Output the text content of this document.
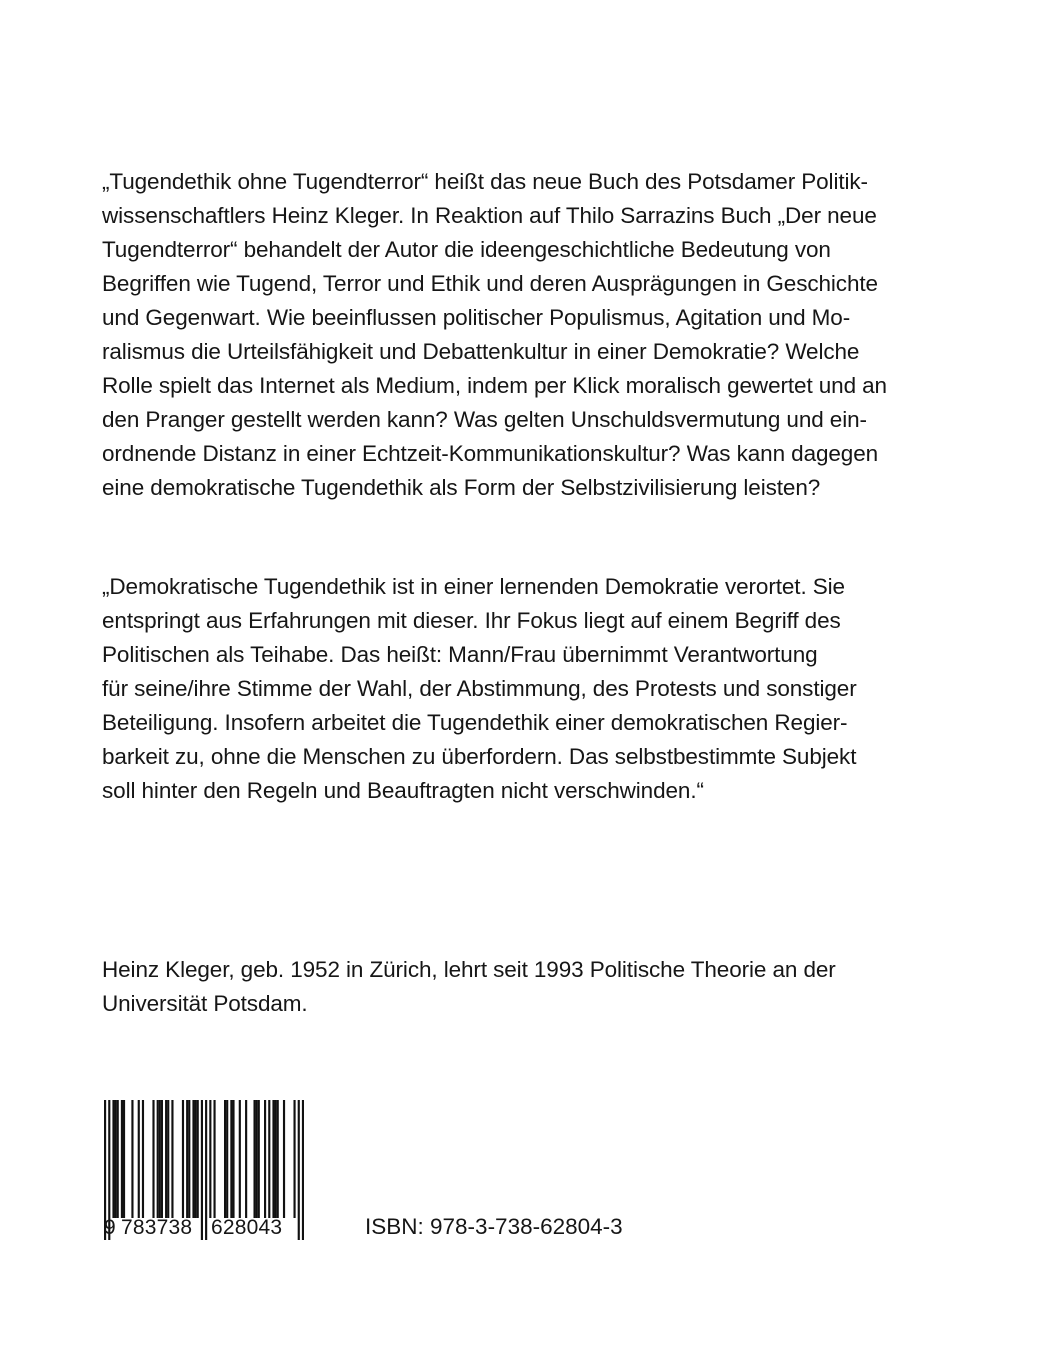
„Tugendethik ohne Tugendterror“ heißt das neue Buch des Potsdamer Politik-
wissenschaftlers Heinz Kleger. In Reaktion auf Thilo Sarrazins Buch „Der neue
Tugendterror“ behandelt der Autor die ideengeschichtliche Bedeutung von
Begriffen wie Tugend, Terror und Ethik und deren Ausprägungen in Geschichte
und Gegenwart. Wie beeinflussen politischer Populismus, Agitation und Mo-
ralismus die Urteilsfähigkeit und Debattenkultur in einer Demokratie? Welche
Rolle spielt das Internet als Medium, indem per Klick moralisch gewertet und an
den Pranger gestellt werden kann? Was gelten Unschuldsvermutung und ein-
ordnende Distanz in einer Echtzeit-Kommunikationskultur? Was kann dagegen
eine demokratische Tugendethik als Form der Selbstzivilisierung leisten?
„Demokratische Tugendethik ist in einer lernenden Demokratie verortet. Sie
entspringt aus Erfahrungen mit dieser. Ihr Fokus liegt auf einem Begriff des
Politischen als Teihabe. Das heißt: Mann/Frau übernimmt Verantwortung
für seine/ihre Stimme der Wahl, der Abstimmung, des Protests und sonstiger
Beteiligung. Insofern arbeitet die Tugendethik einer demokratischen Regier-
barkeit zu, ohne die Menschen zu überfordern. Das selbstbestimmte Subjekt
soll hinter den Regeln und Beauftragten nicht verschwinden.“
Heinz Kleger, geb. 1952 in Zürich, lehrt seit 1993 Politische Theorie an der
Universität Potsdam.
9 783738 628043	ISBN: 978-3-738-62804-3
